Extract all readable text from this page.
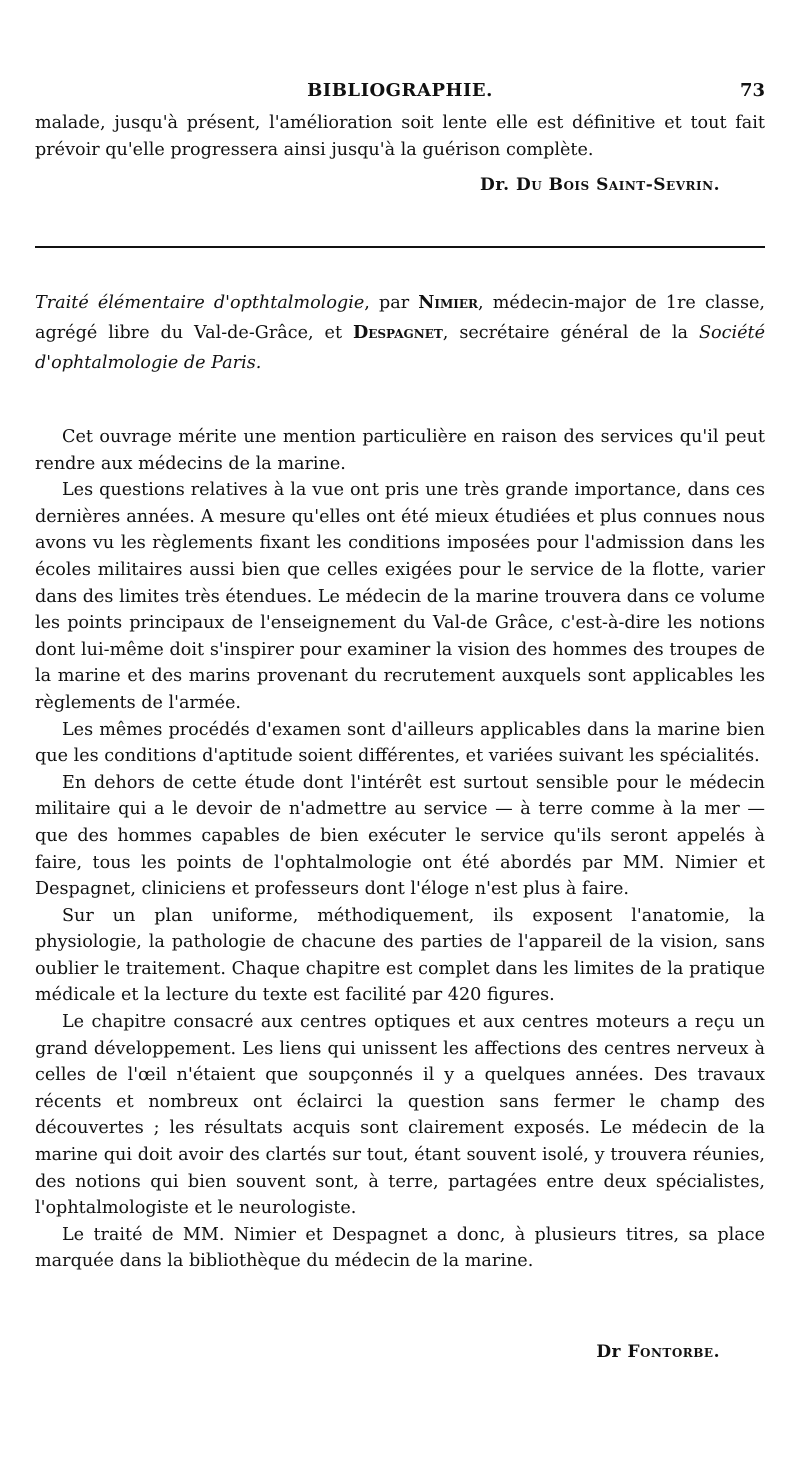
BIBLIOGRAPHIE.	73

malade, jusqu'à présent, l'amélioration soit lente elle est définitive et tout fait prévoir qu'elle progressera ainsi jusqu'à la guérison complète.

Dr. Du Bois Saint-Sevrin.
Traité élémentaire d'opthtalmologie, par Nimier, médecin-major de 1re classe, agrégé libre du Val-de-Grâce, et Despagnet, secrétaire général de la Société d'ophtalmologie de Paris.

Cet ouvrage mérite une mention particulière en raison des services qu'il peut rendre aux médecins de la marine.

Les questions relatives à la vue ont pris une très grande importance, dans ces dernières années. A mesure qu'elles ont été mieux étudiées et plus connues nous avons vu les règlements fixant les conditions imposées pour l'admission dans les écoles militaires aussi bien que celles exigées pour le service de la flotte, varier dans des limites très étendues. Le médecin de la marine trouvera dans ce volume les points principaux de l'enseignement du Val-de Grâce, c'est-à-dire les notions dont lui-même doit s'inspirer pour examiner la vision des hommes des troupes de la marine et des marins provenant du recrutement auxquels sont applicables les règlements de l'armée.

Les mêmes procédés d'examen sont d'ailleurs applicables dans la marine bien que les conditions d'aptitude soient différentes, et variées suivant les spécialités.

En dehors de cette étude dont l'intérêt est surtout sensible pour le médecin militaire qui a le devoir de n'admettre au service — à terre comme à la mer — que des hommes capables de bien exécuter le service qu'ils seront appelés à faire, tous les points de l'ophtalmologie ont été abordés par MM. Nimier et Despagnet, cliniciens et professeurs dont l'éloge n'est plus à faire.

Sur un plan uniforme, méthodiquement, ils exposent l'anatomie, la physiologie, la pathologie de chacune des parties de l'appareil de la vision, sans oublier le traitement. Chaque chapitre est complet dans les limites de la pratique médicale et la lecture du texte est facilité par 420 figures.

Le chapitre consacré aux centres optiques et aux centres moteurs a reçu un grand développement. Les liens qui unissent les affections des centres nerveux à celles de l'œil n'étaient que soupçonnés il y a quelques années. Des travaux récents et nombreux ont éclairci la question sans fermer le champ des découvertes ; les résultats acquis sont clairement exposés. Le médecin de la marine qui doit avoir des clartés sur tout, étant souvent isolé, y trouvera réunies, des notions qui bien souvent sont, à terre, partagées entre deux spécialistes, l'ophtalmologiste et le neurologiste.

Le traité de MM. Nimier et Despagnet a donc, à plusieurs titres, sa place marquée dans la bibliothèque du médecin de la marine.

Dr Fontorbe.
